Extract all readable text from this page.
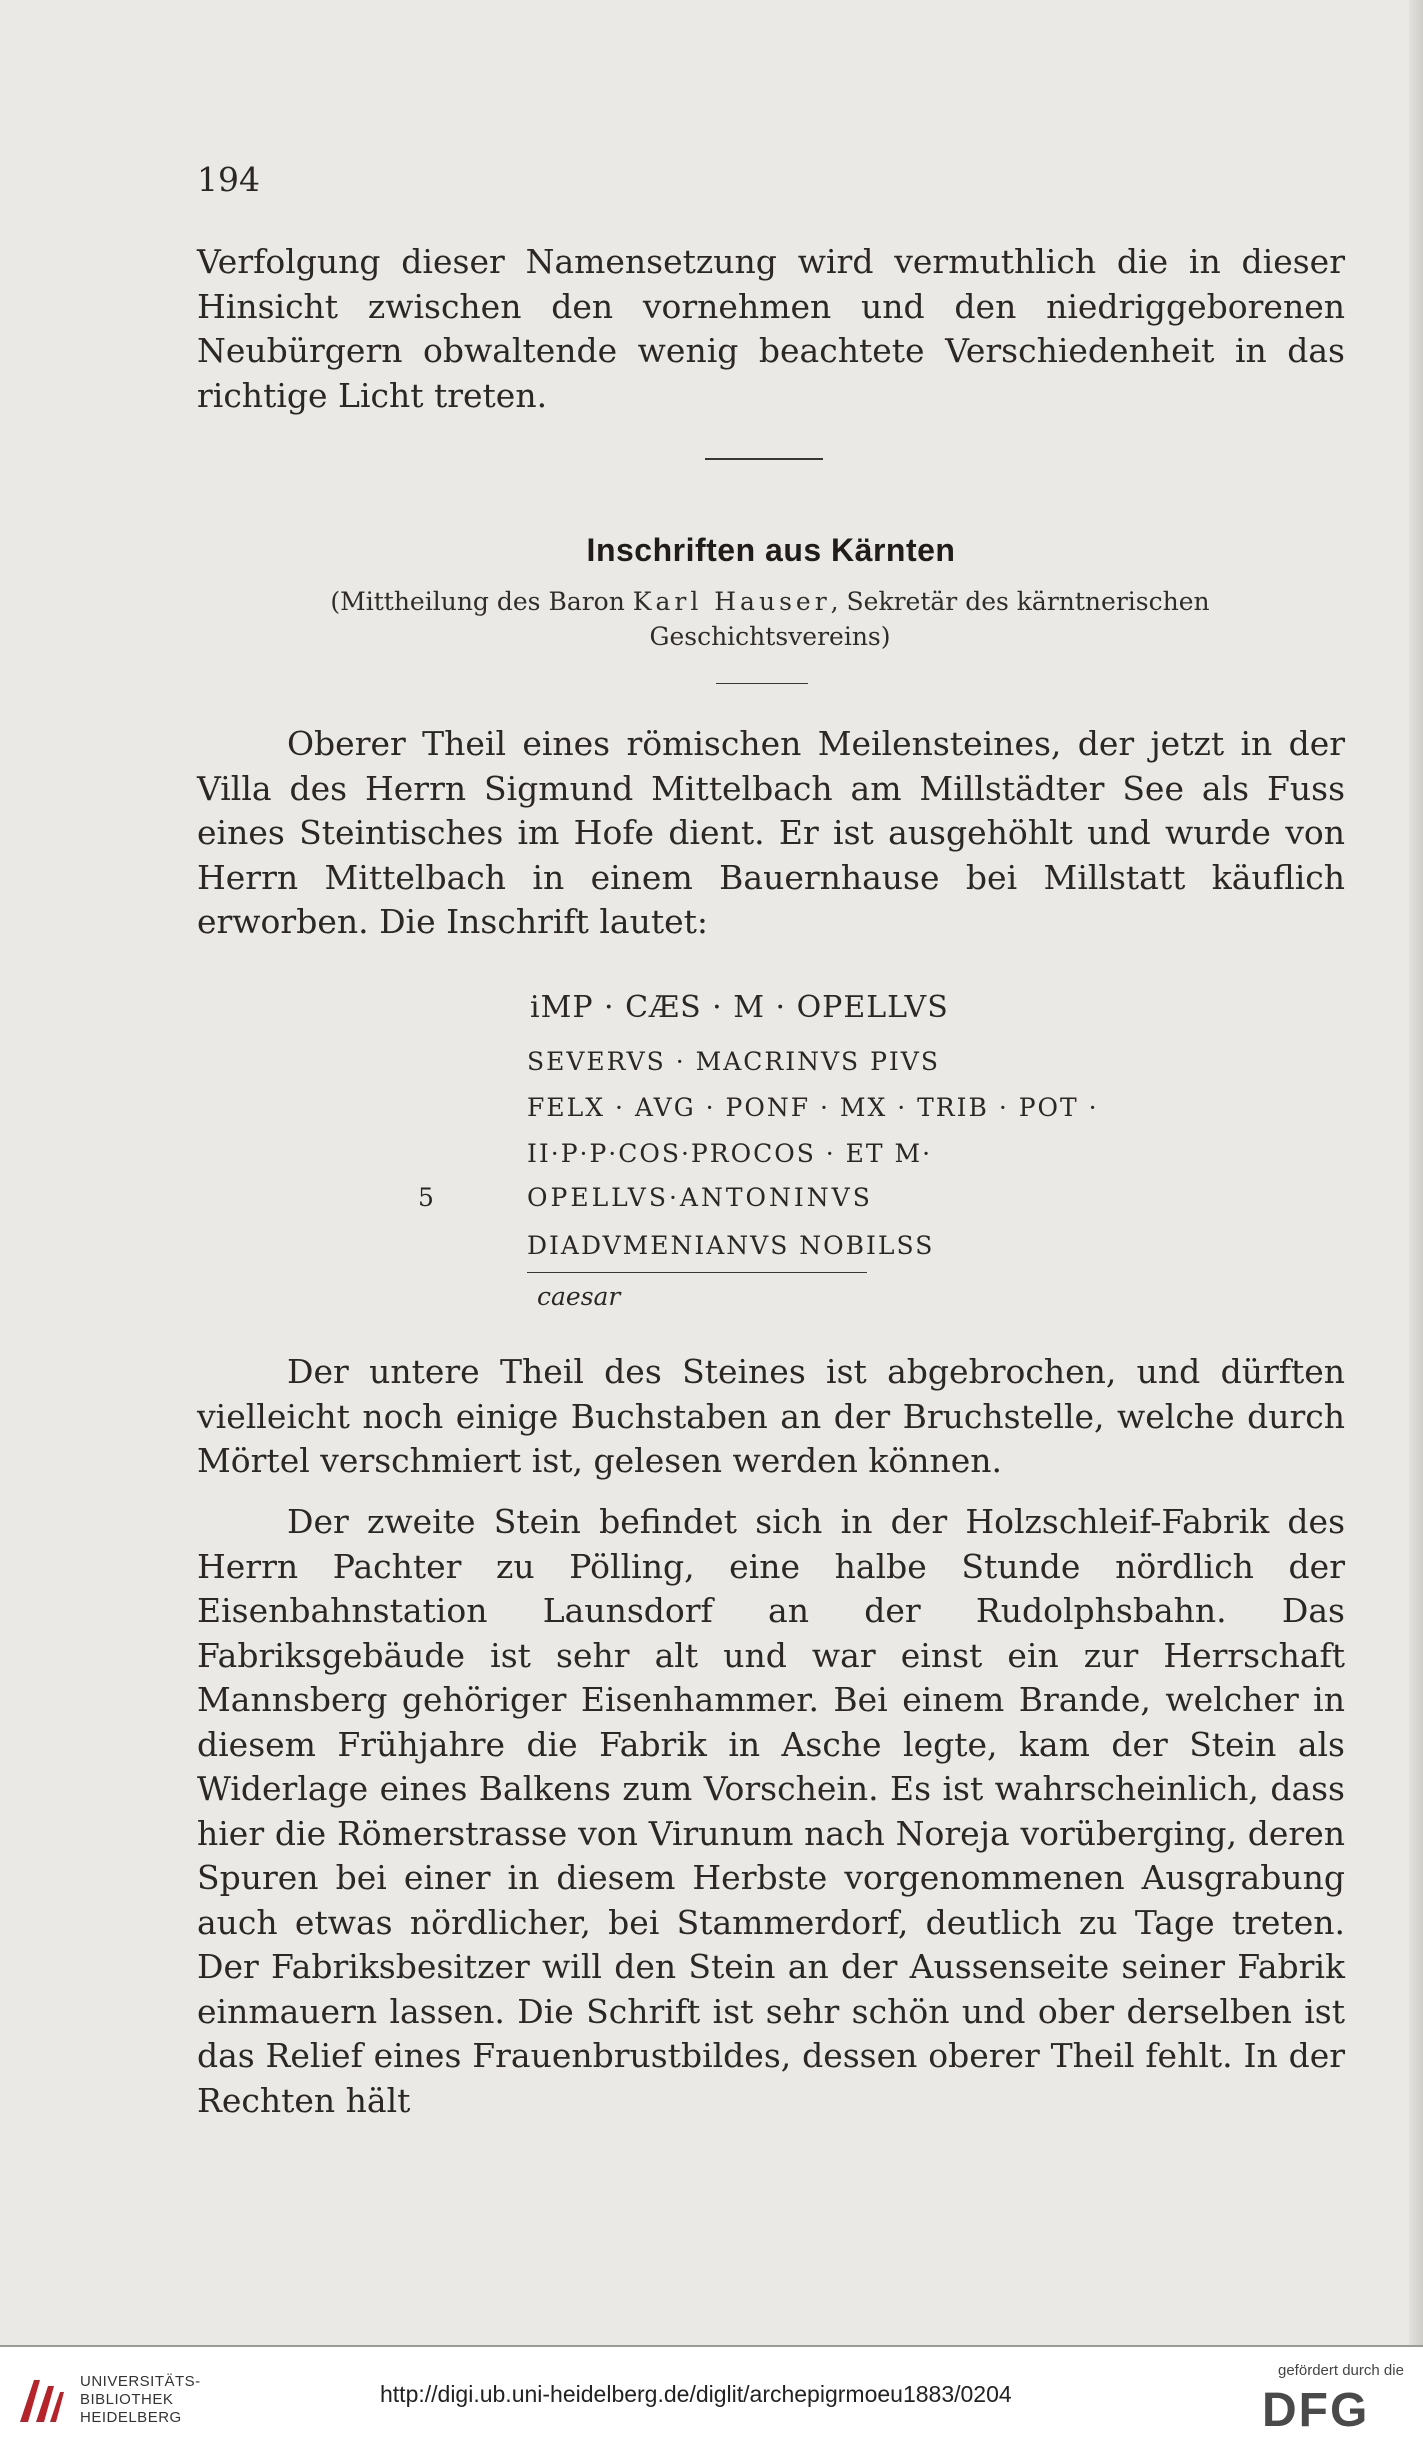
194
Verfolgung dieser Namensetzung wird vermuthlich die in dieser Hinsicht zwischen den vornehmen und den niedriggeborenen Neubürgern obwaltende wenig beachtete Verschiedenheit in das richtige Licht treten.
Inschriften aus Kärnten
(Mittheilung des Baron Karl Hauser, Sekretär des kärntnerischen Geschichtsvereins)
Oberer Theil eines römischen Meilensteines, der jetzt in der Villa des Herrn Sigmund Mittelbach am Millstädter See als Fuss eines Steintisches im Hofe dient. Er ist ausgehöhlt und wurde von Herrn Mittelbach in einem Bauernhause bei Millstatt käuflich erworben. Die Inschrift lautet:
iMP · CÆS · M · OPELLVS
SEVERVS · MACRINVS PIVS
FELX · AVG · PONF · MX · TRIB · POT ·
II·P·P·COS·PROCOS · ET M·
5	OPELLVS·ANTONINVS
DIADVMENIANVS NOBILSS
caesar
Der untere Theil des Steines ist abgebrochen, und dürften vielleicht noch einige Buchstaben an der Bruchstelle, welche durch Mörtel verschmiert ist, gelesen werden können.
Der zweite Stein befindet sich in der Holzschleif-Fabrik des Herrn Pachter zu Pölling, eine halbe Stunde nördlich der Eisenbahnstation Launsdorf an der Rudolphsbahn. Das Fabriksgebäude ist sehr alt und war einst ein zur Herrschaft Mannsberg gehöriger Eisenhammer. Bei einem Brande, welcher in diesem Frühjahre die Fabrik in Asche legte, kam der Stein als Widerlage eines Balkens zum Vorschein. Es ist wahrscheinlich, dass hier die Römerstrasse von Virunum nach Noreja vorüberging, deren Spuren bei einer in diesem Herbste vorgenommenen Ausgrabung auch etwas nördlicher, bei Stammerdorf, deutlich zu Tage treten. Der Fabriksbesitzer will den Stein an der Aussenseite seiner Fabrik einmauern lassen. Die Schrift ist sehr schön und ober derselben ist das Relief eines Frauenbrustbildes, dessen oberer Theil fehlt. In der Rechten hält
UNIVERSITÄTS-
BIBLIOTHEK
HEIDELBERG
http://digi.ub.uni-heidelberg.de/diglit/archepigrmoeu1883/0204
gefördert durch die
DFG
